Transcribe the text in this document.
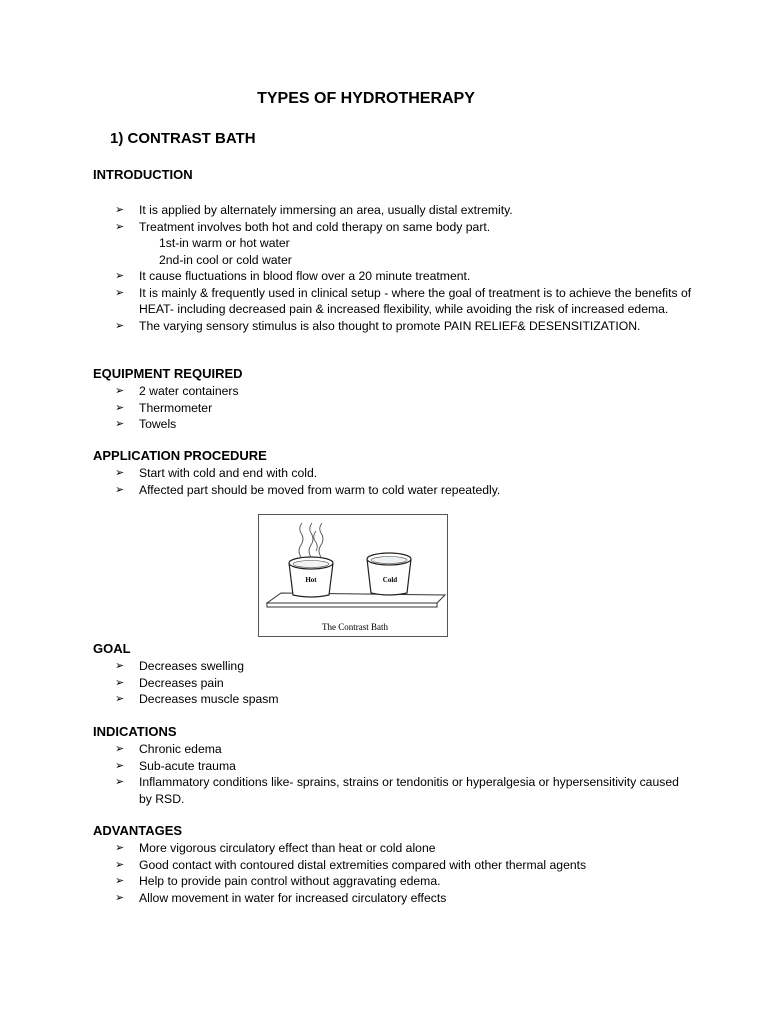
TYPES OF HYDROTHERAPY
1) CONTRAST BATH
INTRODUCTION
➢ It is applied by alternately immersing an area, usually distal extremity.
➢ Treatment involves both hot and cold therapy on same body part.
1st-in warm or hot water
2nd-in cool or cold water
➢ It cause fluctuations in blood flow over a 20 minute treatment.
➢ It is mainly & frequently used in clinical setup - where the goal of treatment is to achieve the benefits of HEAT- including decreased pain & increased flexibility, while avoiding the risk of increased edema.
➢ The varying sensory stimulus is also thought to promote PAIN RELIEF& DESENSITIZATION.
EQUIPMENT REQUIRED
➢ 2 water containers
➢ Thermometer
➢ Towels
APPLICATION PROCEDURE
➢ Start with cold and end with cold.
➢ Affected part should be moved from warm to cold water repeatedly.
Hot	Cold
The Contrast Bath
GOAL
➢ Decreases swelling
➢ Decreases pain
➢ Decreases muscle spasm
INDICATIONS
➢ Chronic edema
➢ Sub-acute trauma
➢ Inflammatory conditions like- sprains, strains or tendonitis or hyperalgesia or hypersensitivity caused by RSD.
ADVANTAGES
➢ More vigorous circulatory effect than heat or cold alone
➢ Good contact with contoured distal extremities compared with other thermal agents
➢ Help to provide pain control without aggravating edema.
➢ Allow movement in water for increased circulatory effects
